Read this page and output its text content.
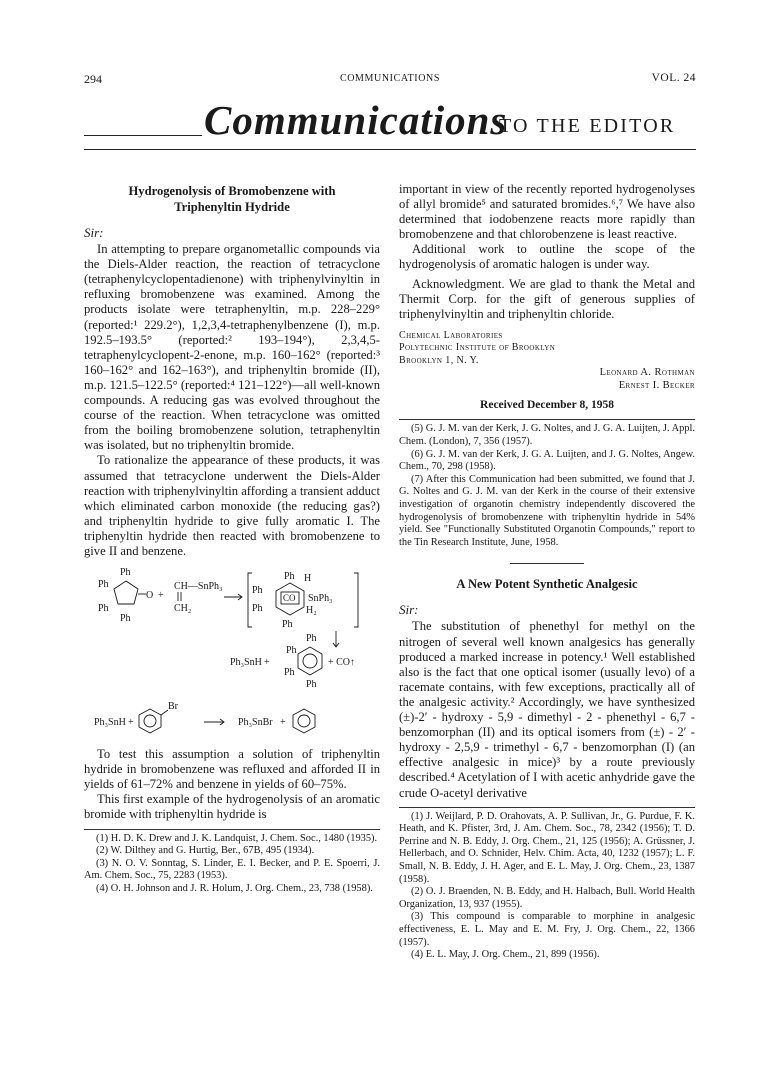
294	COMMUNICATIONS	VOL. 24
Communications
TO THE EDITOR
Hydrogenolysis of Bromobenzene with
Triphenyltin Hydride

Sir:

In attempting to prepare organometallic compounds via the Diels-Alder reaction, the reaction of tetracyclone (tetraphenylcyclopentadienone) with triphenylvinyltin in refluxing bromobenzene was examined. Among the products isolate were tetraphenyltin, m.p. 228–229° (reported:¹ 229.2°), 1,2,3,4-tetraphenylbenzene (I), m.p. 192.5–193.5° (reported:² 193–194°), 2,3,4,5-tetraphenylcyclopent-2-enone, m.p. 160–162° (reported:³ 160–162° and 162–163°), and triphenyltin bromide (II), m.p. 121.5–122.5° (reported:⁴ 121–122°)—all well-known compounds. A reducing gas was evolved throughout the course of the reaction. When tetracyclone was omitted from the boiling bromobenzene solution, tetraphenyltin was isolated, but no triphenyltin bromide.

To rationalize the appearance of these products, it was assumed that tetracyclone underwent the Diels-Alder reaction with triphenylvinyltin affording a transient adduct which eliminated carbon monoxide (the reducing gas?) and triphenyltin hydride to give fully aromatic I. The triphenyltin hydride then reacted with bromobenzene to give II and benzene.

Ph
Ph
Ph
Ph
O +
CH—SnPh₃
CH₂
Ph H
Ph
CO SnPh₃
Ph	H₂
Ph
Ph₃SnH +
Ph
Ph
Ph
Ph
+ CO↑
Ph₃SnH +
Br
Ph₃SnBr +

To test this assumption a solution of triphenyltin hydride in bromobenzene was refluxed and afforded II in yields of 61–72% and benzene in yields of 60–75%.

This first example of the hydrogenolysis of an aromatic bromide with triphenyltin hydride is

(1) H. D. K. Drew and J. K. Landquist, J. Chem. Soc., 1480 (1935).

(2) W. Dilthey and G. Hurtig, Ber., 67B, 495 (1934).

(3) N. O. V. Sonntag, S. Linder, E. I. Becker, and P. E. Spoerri, J. Am. Chem. Soc., 75, 2283 (1953).

(4) O. H. Johnson and J. R. Holum, J. Org. Chem., 23, 738 (1958).

important in view of the recently reported hydrogenolyses of allyl bromide⁵ and saturated bromides.⁶,⁷ We have also determined that iodobenzene reacts more rapidly than bromobenzene and that chlorobenzene is least reactive.

Additional work to outline the scope of the hydrogenolysis of aromatic halogen is under way.

Acknowledgment. We are glad to thank the Metal and Thermit Corp. for the gift of generous supplies of triphenylvinyltin and triphenyltin chloride.

Chemical Laboratories
Polytechnic Institute of Brooklyn
Brooklyn 1, N. Y.
Leonard A. Rothman
Ernest I. Becker
Received December 8, 1958

(5) G. J. M. van der Kerk, J. G. Noltes, and J. G. A. Luijten, J. Appl. Chem. (London), 7, 356 (1957).

(6) G. J. M. van der Kerk, J. G. A. Luijten, and J. G. Noltes, Angew. Chem., 70, 298 (1958).

(7) After this Communication had been submitted, we found that J. G. Noltes and G. J. M. van der Kerk in the course of their extensive investigation of organotin chemistry independently discovered the hydrogenolysis of bromobenzene with triphenyltin hydride in 54% yield. See "Functionally Substituted Organotin Compounds," report to the Tin Research Institute, June, 1958.

A New Potent Synthetic Analgesic

Sir:

The substitution of phenethyl for methyl on the nitrogen of several well known analgesics has generally produced a marked increase in potency.¹ Well established also is the fact that one optical isomer (usually levo) of a racemate contains, with few exceptions, practically all of the analgesic activity.² Accordingly, we have synthesized (±)-2′ - hydroxy - 5,9 - dimethyl - 2 - phenethyl - 6,7 - benzomorphan (II) and its optical isomers from (±) - 2′ - hydroxy - 2,5,9 - trimethyl - 6,7 - benzomorphan (I) (an effective analgesic in mice)³ by a route previously described.⁴ Acetylation of I with acetic anhydride gave the crude O-acetyl derivative

(1) J. Weijlard, P. D. Orahovats, A. P. Sullivan, Jr., G. Purdue, F. K. Heath, and K. Pfister, 3rd, J. Am. Chem. Soc., 78, 2342 (1956); T. D. Perrine and N. B. Eddy, J. Org. Chem., 21, 125 (1956); A. Grüssner, J. Hellerbach, and O. Schnider, Helv. Chim. Acta, 40, 1232 (1957); L. F. Small, N. B. Eddy, J. H. Ager, and E. L. May, J. Org. Chem., 23, 1387 (1958).

(2) O. J. Braenden, N. B. Eddy, and H. Halbach, Bull. World Health Organization, 13, 937 (1955).

(3) This compound is comparable to morphine in analgesic effectiveness, E. L. May and E. M. Fry, J. Org. Chem., 22, 1366 (1957).

(4) E. L. May, J. Org. Chem., 21, 899 (1956).
